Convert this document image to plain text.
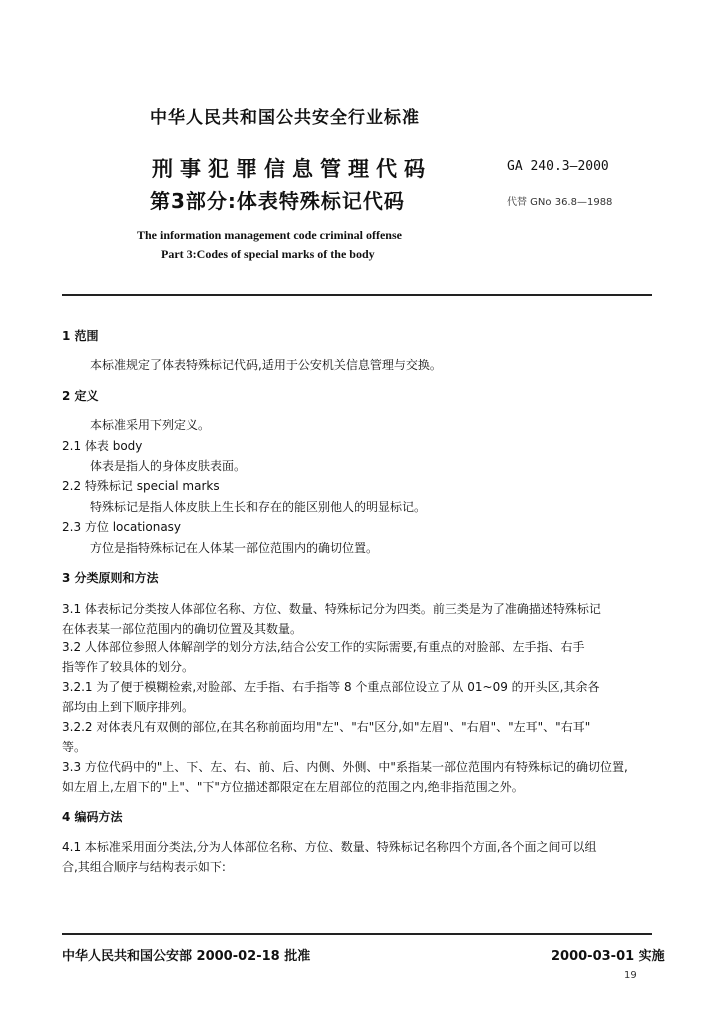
中华人民共和国公共安全行业标准
刑事犯罪信息管理代码
第3部分:体表特殊标记代码
GA 240.3—2000
代替 GNo 36.8—1988
The information management code criminal offense
Part 3:Codes of special marks of the body
1 范围
本标准规定了体表特殊标记代码,适用于公安机关信息管理与交换。
2 定义
本标准采用下列定义。
2.1 体表 body
体表是指人的身体皮肤表面。
2.2 特殊标记 special marks
特殊标记是指人体皮肤上生长和存在的能区别他人的明显标记。
2.3 方位 locationasy
方位是指特殊标记在人体某一部位范围内的确切位置。
3 分类原则和方法
3.1 体表标记分类按人体部位名称、方位、数量、特殊标记分为四类。前三类是为了准确描述特殊标记
在体表某一部位范围内的确切位置及其数量。
3.2 人体部位参照人体解剖学的划分方法,结合公安工作的实际需要,有重点的对脸部、左手指、右手
指等作了较具体的划分。
3.2.1 为了便于模糊检索,对脸部、左手指、右手指等 8 个重点部位设立了从 01~09 的开头区,其余各
部均由上到下顺序排列。
3.2.2 对体表凡有双侧的部位,在其名称前面均用"左"、"右"区分,如"左眉"、"右眉"、"左耳"、"右耳"
等。
3.3 方位代码中的"上、下、左、右、前、后、内侧、外侧、中"系指某一部位范围内有特殊标记的确切位置,
如左眉上,左眉下的"上"、"下"方位描述都限定在左眉部位的范围之内,绝非指范围之外。
4 编码方法
4.1 本标准采用面分类法,分为人体部位名称、方位、数量、特殊标记名称四个方面,各个面之间可以组
合,其组合顺序与结构表示如下:
中华人民共和国公安部 2000-02-18 批准	2000-03-01 实施
19
